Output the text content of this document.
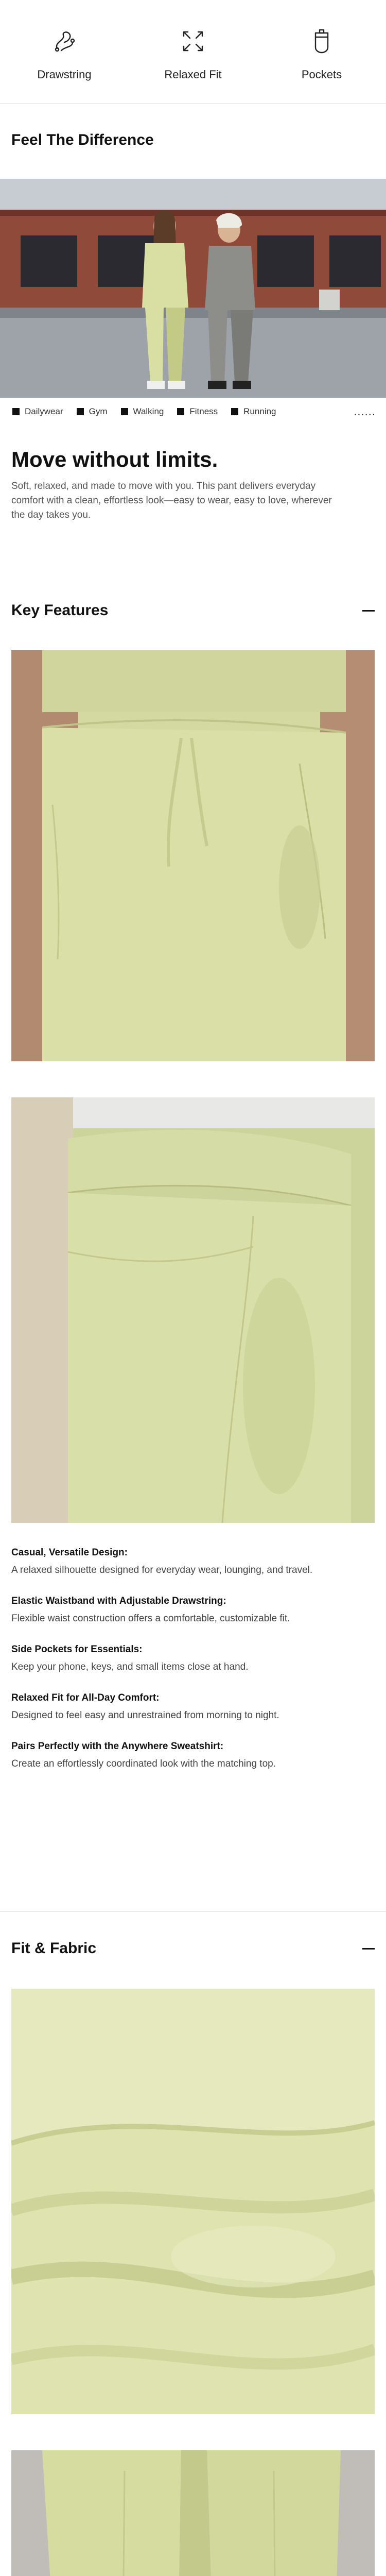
Drawstring	Relaxed Fit	Pockets
Feel The Difference
Dailywear	Gym	Walking	Fitness	Running	......
Move without limits.
Soft, relaxed, and made to move with you. This pant delivers everyday comfort with a clean, effortless look—easy to wear, easy to love, wherever the day takes you.
Key Features
Casual, Versatile Design:
A relaxed silhouette designed for everyday wear, lounging, and travel.
Elastic Waistband with Adjustable Drawstring:
Flexible waist construction offers a comfortable, customizable fit.
Side Pockets for Essentials:
Keep your phone, keys, and small items close at hand.
Relaxed Fit for All-Day Comfort:
Designed to feel easy and unrestrained from morning to night.
Pairs Perfectly with the Anywhere Sweatshirt:
Create an effortlessly coordinated look with the matching top.
Fit & Fabric
